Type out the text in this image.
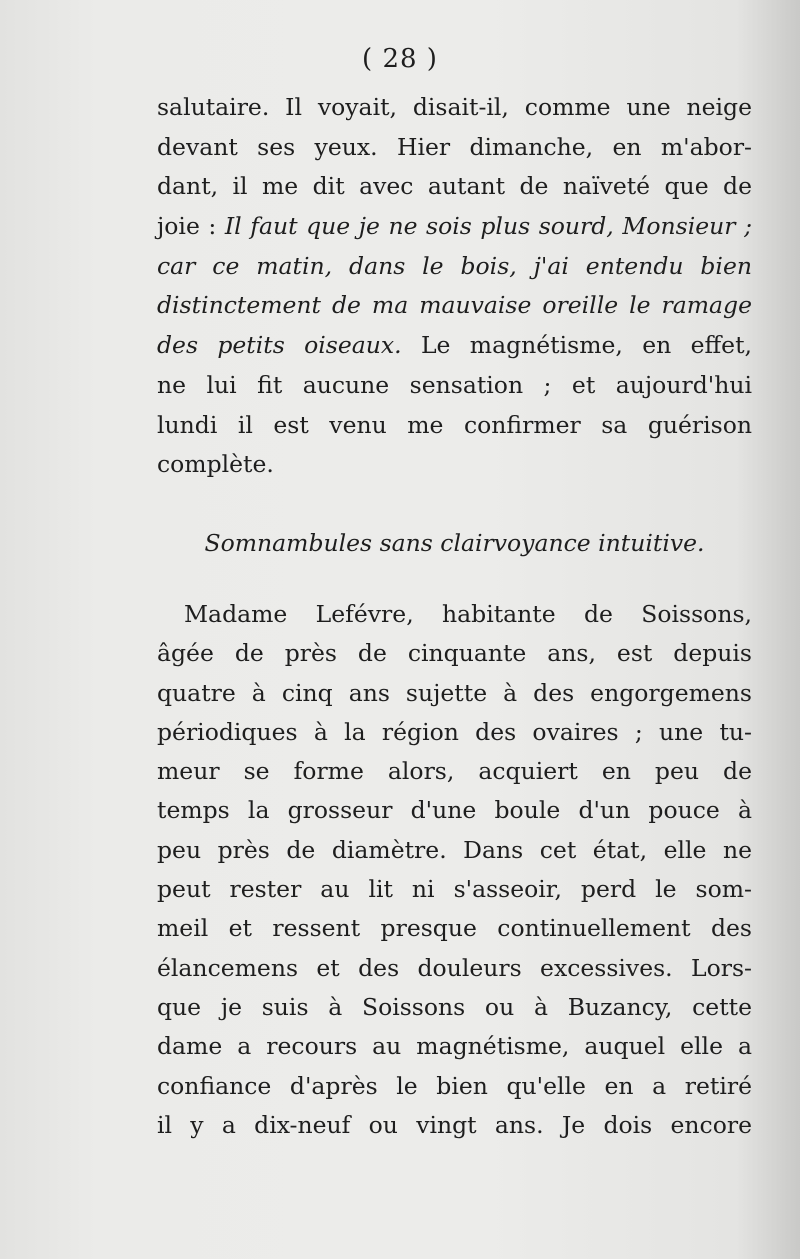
( 28 )
salutaire. Il voyait, disait-il, comme une neige
devant ses yeux. Hier dimanche, en m'abor-
dant, il me dit avec autant de naïveté que de
joie : Il faut que je ne sois plus sourd, Monsieur ;
car ce matin, dans le bois, j'ai entendu bien
distinctement de ma mauvaise oreille le ramage
des petits oiseaux. Le magnétisme, en effet,
ne lui fit aucune sensation ; et aujourd'hui
lundi il est venu me confirmer sa guérison
complète.
Somnambules sans clairvoyance intuitive.
Madame Lefévre, habitante de Soissons,
âgée de près de cinquante ans, est depuis
quatre à cinq ans sujette à des engorgemens
périodiques à la région des ovaires ; une tu-
meur se forme alors, acquiert en peu de
temps la grosseur d'une boule d'un pouce à
peu près de diamètre. Dans cet état, elle ne
peut rester au lit ni s'asseoir, perd le som-
meil et ressent presque continuellement des
élancemens et des douleurs excessives. Lors-
que je suis à Soissons ou à Buzancy, cette
dame a recours au magnétisme, auquel elle a
confiance d'après le bien qu'elle en a retiré
il y a dix-neuf ou vingt ans. Je dois encore
